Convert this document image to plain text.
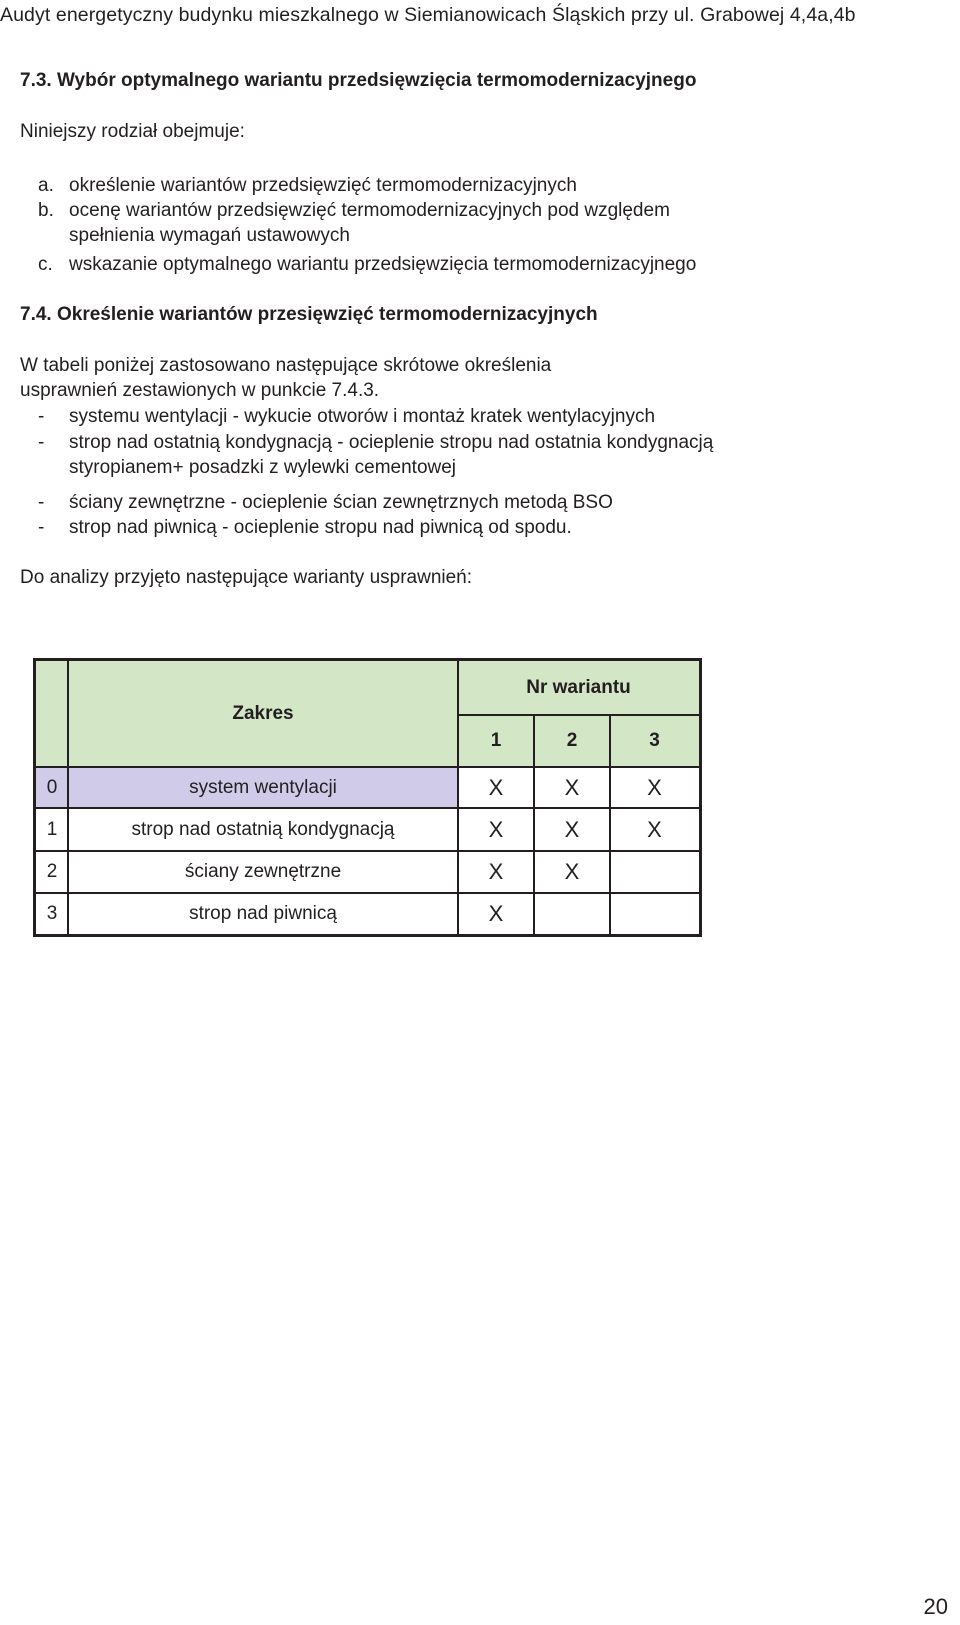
Audyt energetyczny budynku mieszkalnego w Siemianowicach Śląskich przy ul. Grabowej 4,4a,4b
7.3. Wybór optymalnego wariantu przedsięwzięcia termomodernizacyjnego
Niniejszy rodział obejmuje:
a. określenie wariantów przedsięwzięć termomodernizacyjnych
b. ocenę wariantów przedsięwzięć termomodernizacyjnych pod względem
spełnienia wymagań ustawowych
c. wskazanie optymalnego wariantu przedsięwzięcia termomodernizacyjnego
7.4. Określenie wariantów przesięwzięć termomodernizacyjnych
W tabeli poniżej zastosowano następujące skrótowe określenia
usprawnień zestawionych w punkcie 7.4.3.
- systemu wentylacji - wykucie otworów i montaż kratek wentylacyjnych
- strop nad ostatnią kondygnacją - ocieplenie stropu nad ostatnia kondygnacją
styropianem+ posadzki z wylewki cementowej
- ściany zewnętrzne - ocieplenie ścian zewnętrznych metodą BSO
- strop nad piwnicą - ocieplenie stropu nad piwnicą od spodu.
Do analizy przyjęto następujące warianty usprawnień:
Zakres
Nr wariantu
1	2	3
0	system wentylacji	X	X	X
1	strop nad ostatnią kondygnacją	X	X	X
2	ściany zewnętrzne	X	X
3	strop nad piwnicą	X
20
